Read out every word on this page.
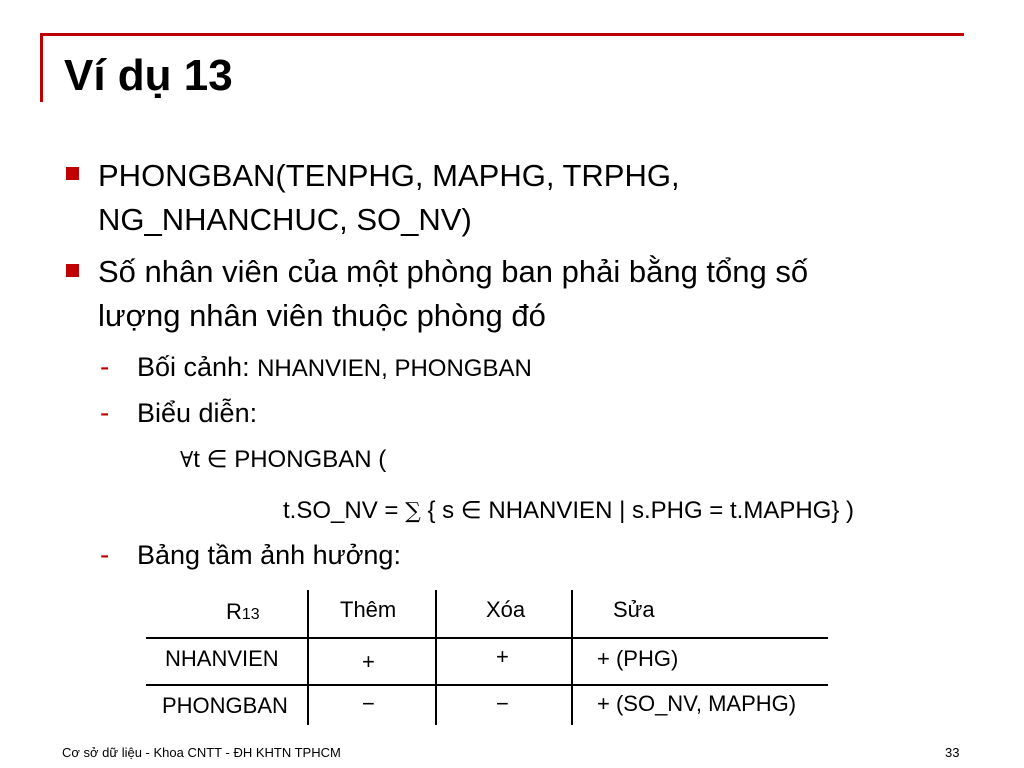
Ví dụ 13
PHONGBAN(TENPHG, MAPHG, TRPHG,
NG_NHANCHUC, SO_NV)
Số nhân viên của một phòng ban phải bằng tổng số
lượng nhân viên thuộc phòng đó
- Bối cảnh: NHANVIEN, PHONGBAN
- Biểu diễn:
∀t ∈ PHONGBAN (
t.SO_NV = ∑ { s ∈ NHANVIEN | s.PHG = t.MAPHG} )
- Bảng tầm ảnh hưởng:
R13	Thêm	Xóa	Sửa
NHANVIEN	+	+	+ (PHG)
PHONGBAN	−	−	+ (SO_NV, MAPHG)
Cơ sở dữ liệu - Khoa CNTT - ĐH KHTN TPHCM	33
